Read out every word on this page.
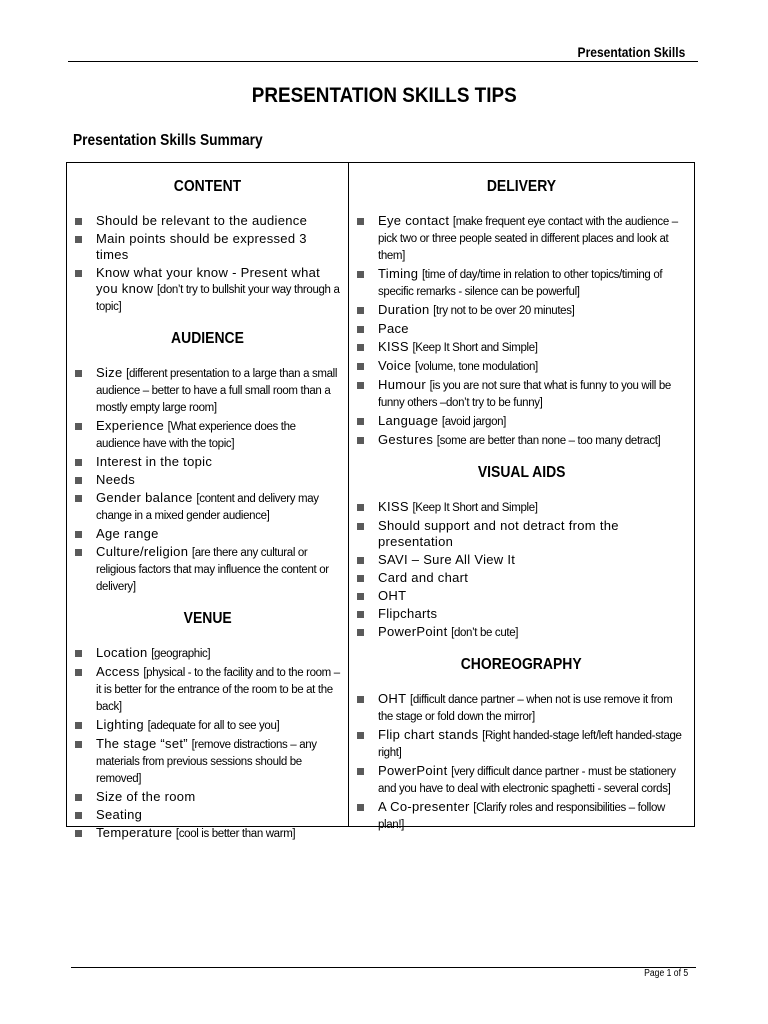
Presentation Skills
PRESENTATION SKILLS TIPS
Presentation Skills Summary
CONTENT
Should be relevant to the audience
Main points should be expressed 3 times
Know what your know - Present what you know [don’t try to bullshit your way through a topic]
AUDIENCE
Size [different presentation to a large than a small audience – better to have a full small room than a mostly empty large room]
Experience [What experience does the audience have with the topic]
Interest in the topic
Needs
Gender balance [content and delivery may change in a mixed gender audience]
Age range
Culture/religion [are there any cultural or religious factors that may influence the content or delivery]
VENUE
Location [geographic]
Access [physical - to the facility and to the room – it is better for the entrance of the room to be at the back]
Lighting [adequate for all to see you]
The stage “set” [remove distractions – any materials from previous sessions should be removed]
Size of the room
Seating
Temperature [cool is better than warm]
DELIVERY
Eye contact [make frequent eye contact with the audience – pick two or three people seated in different places and look at them]
Timing [time of day/time in relation to other topics/timing of specific remarks - silence can be powerful]
Duration [try not to be over 20 minutes]
Pace
KISS [Keep It Short and Simple]
Voice [volume, tone modulation]
Humour [is you are not sure that what is funny to you will be funny others –don’t try to be funny]
Language [avoid jargon]
Gestures [some are better than none – too many detract]
VISUAL AIDS
KISS [Keep It Short and Simple]
Should support and not detract from the presentation
SAVI – Sure All View It
Card and chart
OHT
Flipcharts
PowerPoint [don’t be cute]
CHOREOGRAPHY
OHT [difficult dance partner – when not is use remove it from the stage or fold down the mirror]
Flip chart stands [Right handed-stage left/left handed-stage right]
PowerPoint [very difficult dance partner - must be stationery and you have to deal with electronic spaghetti - several cords]
A Co-presenter [Clarify roles and responsibilities – follow plan!]
Page 1 of 5
